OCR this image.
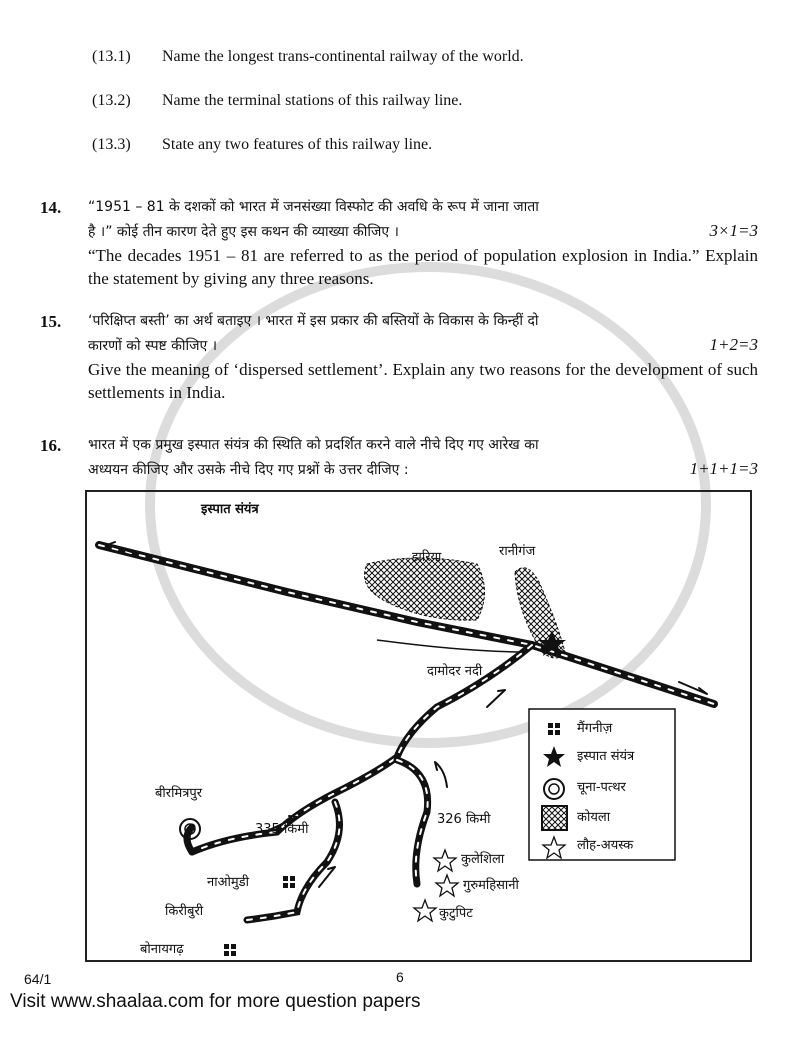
(13.1) Name the longest trans-continental railway of the world.
(13.2) Name the terminal stations of this railway line.
(13.3) State any two features of this railway line.
14. “1951 – 81 के दशकों को भारत में जनसंख्या विस्फोट की अवधि के रूप में जाना जाता

है ।” कोई तीन कारण देते हुए इस कथन की व्याख्या कीजिए ।	3×1=3

“The decades 1951 – 81 are referred to as the period of population explosion in India.” Explain the statement by giving any three reasons.

15. ‘परिक्षिप्त बस्ती’ का अर्थ बताइए । भारत में इस प्रकार की बस्तियों के विकास के किन्हीं दो

कारणों को स्पष्ट कीजिए ।	1+2=3

Give the meaning of ‘dispersed settlement’. Explain any two reasons for the development of such settlements in India.

16. भारत में एक प्रमुख इस्पात संयंत्र की स्थिति को प्रदर्शित करने वाले नीचे दिए गए आरेख का

अध्ययन कीजिए और उसके नीचे दिए गए प्रश्नों के उत्तर दीजिए :	1+1+1=3
इस्पात संयंत्र
झरिया	रानीगंज
दामोदर नदी
बीरमित्रपुर
335 किमी
326 किमी
नाओमुडी
किरीबुरी
बोनायगढ़
कुलेशिला
गुरुमहिसानी
कुटुपिट
मैंगनीज़
इस्पात संयंत्र
चूना-पत्थर
कोयला
लौह-अयस्क
64/1	6
Visit www.shaalaa.com for more question papers
